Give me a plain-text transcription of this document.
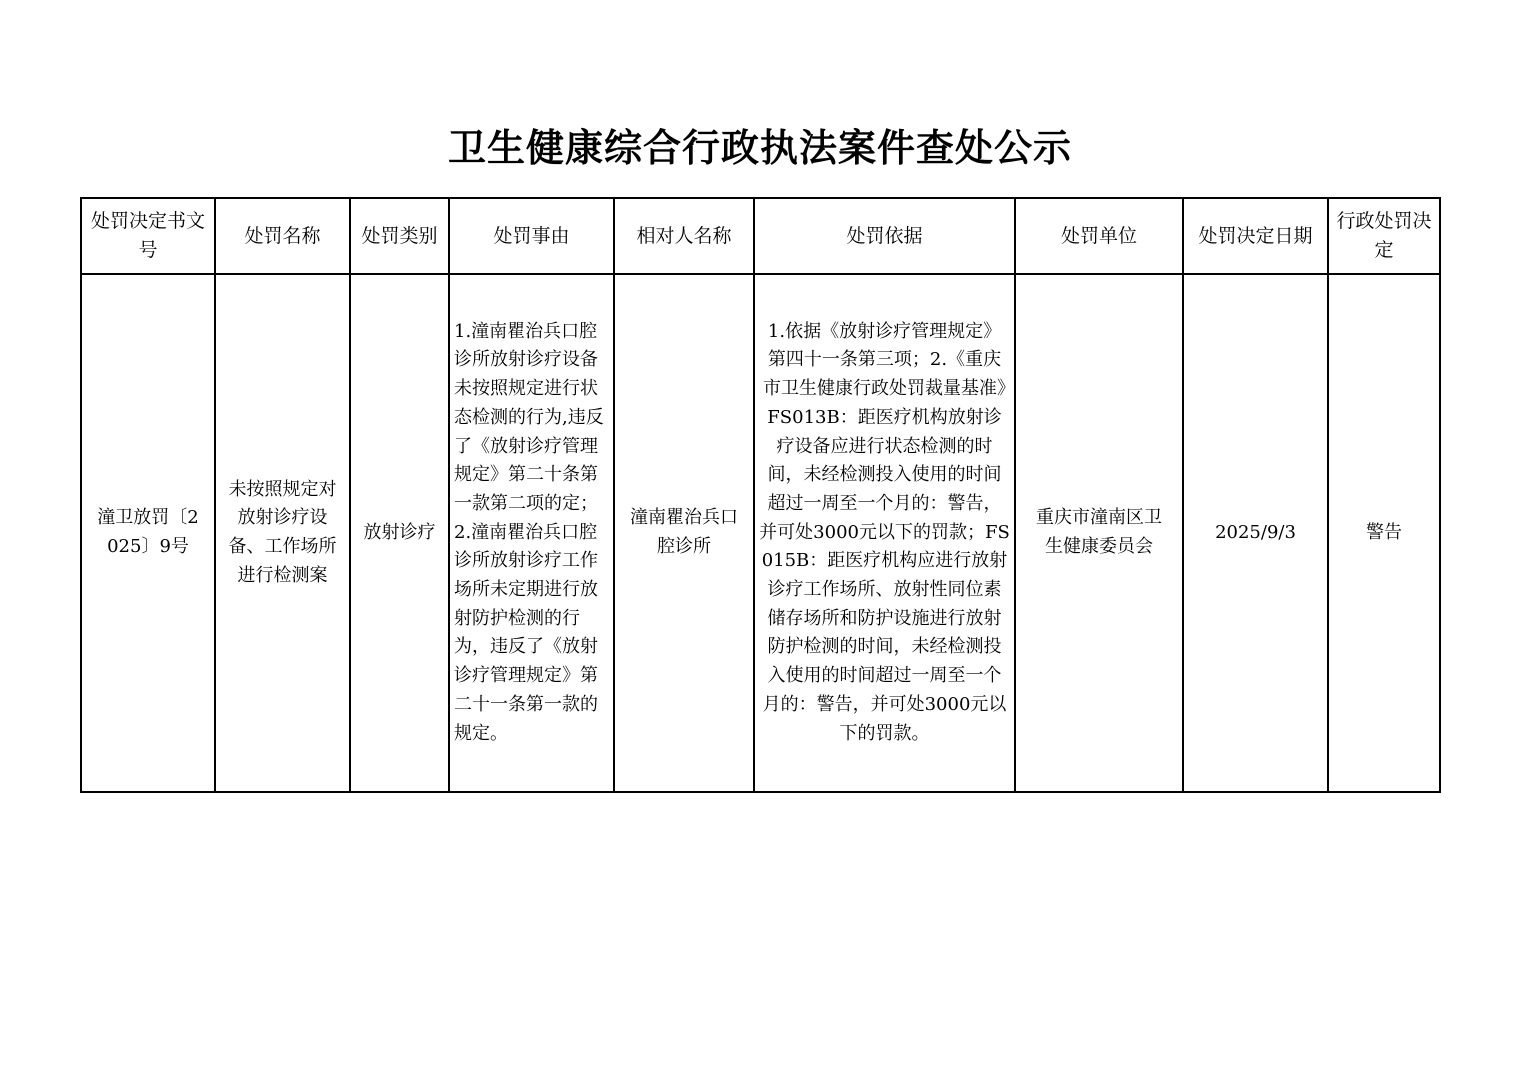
卫生健康综合行政执法案件查处公示
处罚决定书文号	处罚名称	处罚类别	处罚事由	相对人名称	处罚依据	处罚单位	处罚决定日期	行政处罚决定
潼卫放罚〔2025〕9号	未按照规定对放射诊疗设备、工作场所进行检测案	放射诊疗	1.潼南瞿治兵口腔诊所放射诊疗设备未按照规定进行状态检测的行为,违反了《放射诊疗管理规定》第二十条第一款第二项的定；2.潼南瞿治兵口腔诊所放射诊疗工作场所未定期进行放射防护检测的行为，违反了《放射诊疗管理规定》第二十一条第一款的规定。	潼南瞿治兵口腔诊所	1.依据《放射诊疗管理规定》第四十一条第三项；2.《重庆市卫生健康行政处罚裁量基准》FS013B：距医疗机构放射诊疗设备应进行状态检测的时间，未经检测投入使用的时间超过一周至一个月的：警告，并可处3000元以下的罚款；FS015B：距医疗机构应进行放射诊疗工作场所、放射性同位素储存场所和防护设施进行放射防护检测的时间，未经检测投入使用的时间超过一周至一个月的：警告，并可处3000元以下的罚款。	重庆市潼南区卫生健康委员会	2025/9/3	警告
